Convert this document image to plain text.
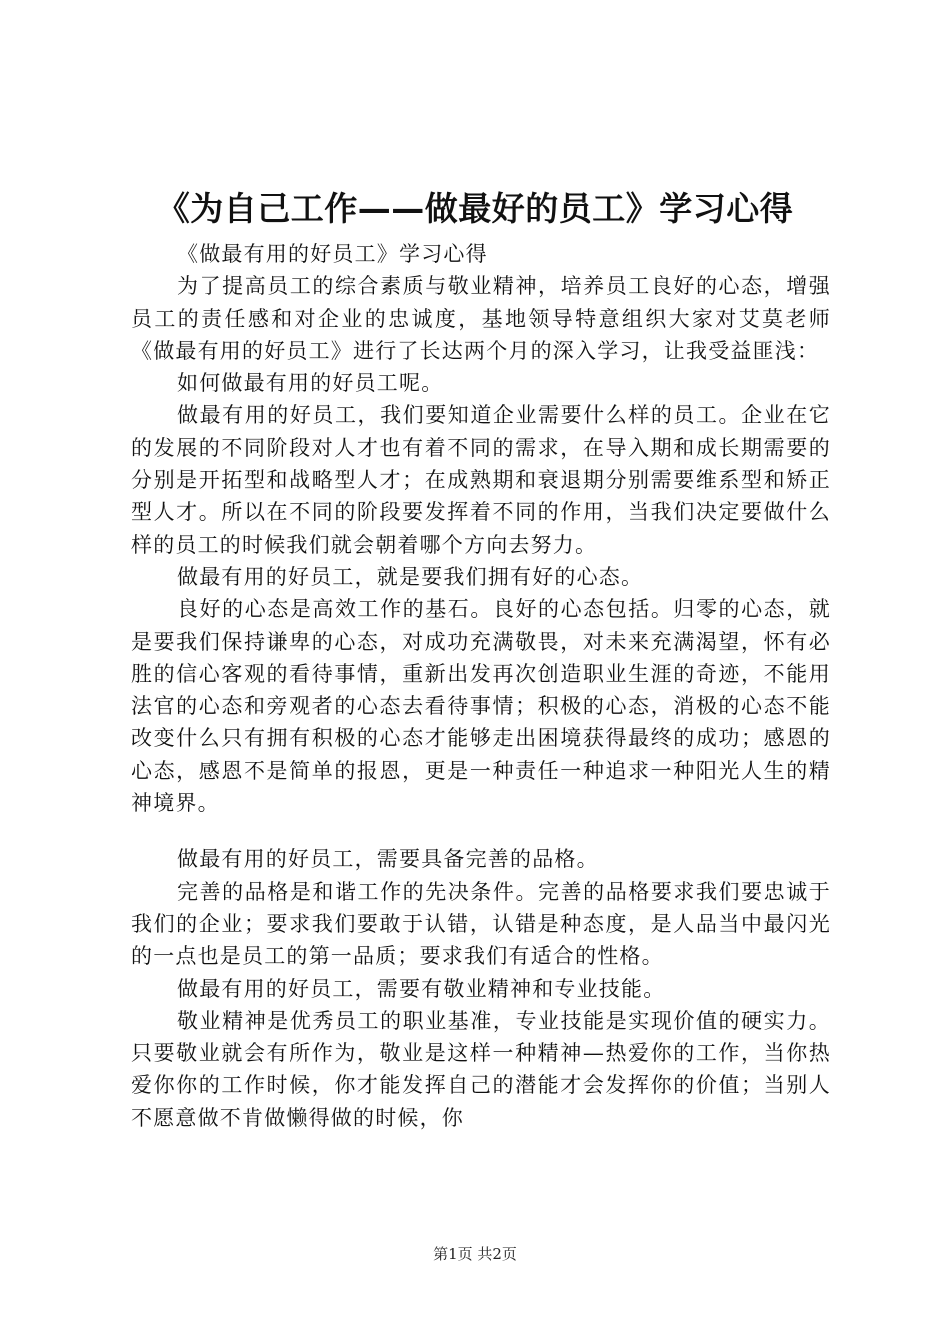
《为自己工作——做最好的员工》学习心得

《做最有用的好员工》学习心得

为了提高员工的综合素质与敬业精神，培养员工良好的心态，增强员工的责任感和对企业的忠诚度，基地领导特意组织大家对艾莫老师《做最有用的好员工》进行了长达两个月的深入学习，让我受益匪浅：

如何做最有用的好员工呢。

做最有用的好员工，我们要知道企业需要什么样的员工。企业在它的发展的不同阶段对人才也有着不同的需求，在导入期和成长期需要的分别是开拓型和战略型人才；在成熟期和衰退期分别需要维系型和矫正型人才。所以在不同的阶段要发挥着不同的作用，当我们决定要做什么样的员工的时候我们就会朝着哪个方向去努力。

做最有用的好员工，就是要我们拥有好的心态。

良好的心态是高效工作的基石。良好的心态包括。归零的心态，就是要我们保持谦卑的心态，对成功充满敬畏，对未来充满渴望，怀有必胜的信心客观的看待事情，重新出发再次创造职业生涯的奇迹，不能用法官的心态和旁观者的心态去看待事情；积极的心态，消极的心态不能改变什么只有拥有积极的心态才能够走出困境获得最终的成功；感恩的心态，感恩不是简单的报恩，更是一种责任一种追求一种阳光人生的精神境界。

做最有用的好员工，需要具备完善的品格。

完善的品格是和谐工作的先决条件。完善的品格要求我们要忠诚于我们的企业；要求我们要敢于认错，认错是种态度，是人品当中最闪光的一点也是员工的第一品质；要求我们有适合的性格。

做最有用的好员工，需要有敬业精神和专业技能。

敬业精神是优秀员工的职业基准，专业技能是实现价值的硬实力。只要敬业就会有所作为，敬业是这样一种精神—热爱你的工作，当你热爱你你的工作时候，你才能发挥自己的潜能才会发挥你的价值；当别人不愿意做不肯做懒得做的时候，你

第1页 共2页
